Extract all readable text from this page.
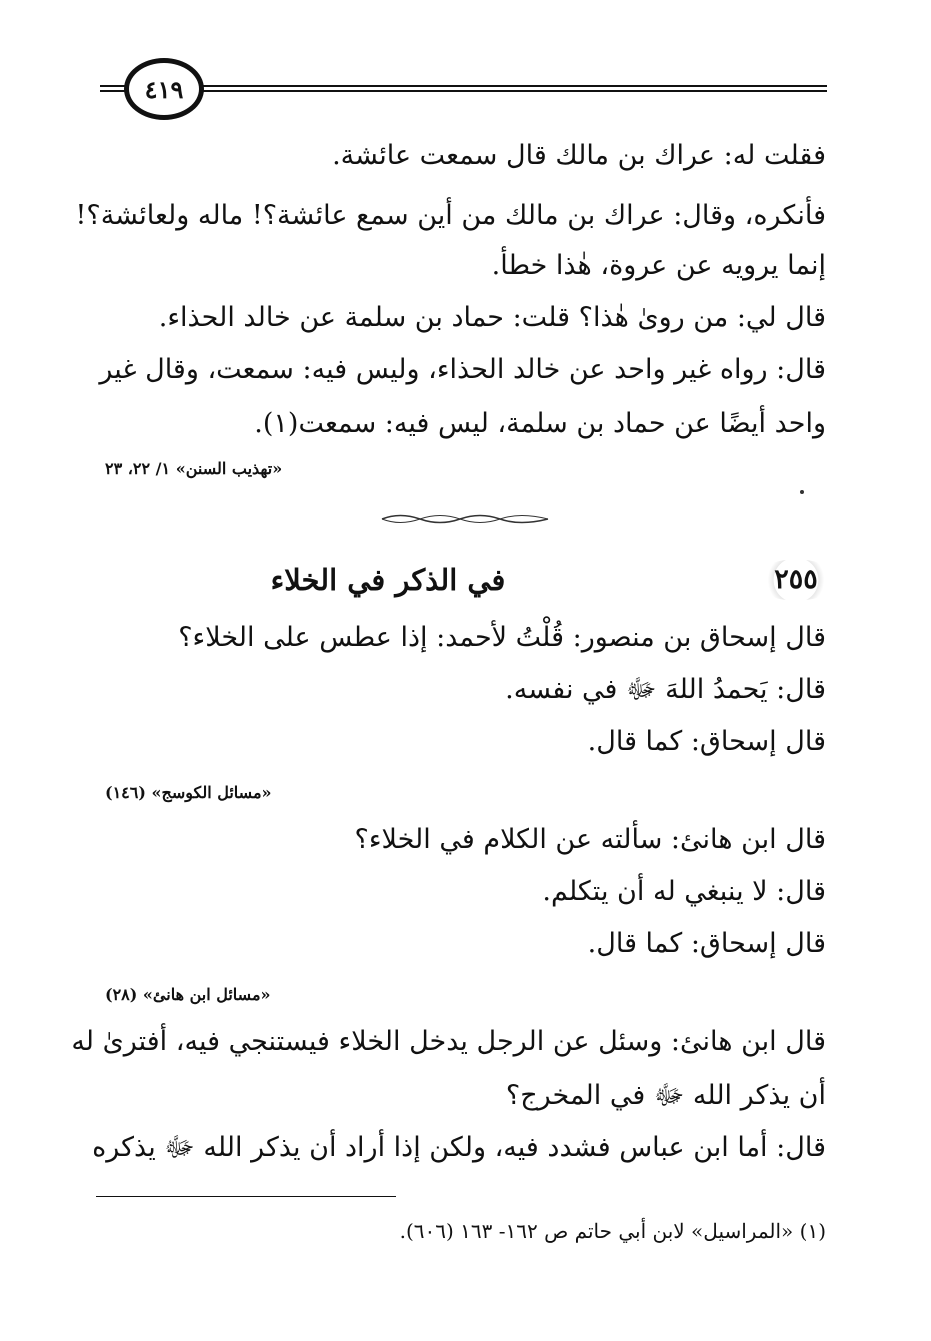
٤١٩
فقلت له: عراك بن مالك قال سمعت عائشة.
فأنكره، وقال: عراك بن مالك من أين سمع عائشة؟! ماله ولعائشة؟!
إنما يرويه عن عروة، هٰذا خطأ.
قال لي: من روىٰ هٰذا؟ قلت: حماد بن سلمة عن خالد الحذاء.
قال: رواه غير واحد عن خالد الحذاء، وليس فيه: سمعت، وقال غير
واحد أيضًا عن حماد بن سلمة، ليس فيه: سمعت(١).
«تهذيب السنن» ١/ ٢٢، ٢٣
٢٥٥
في الذكر في الخلاء
قال إسحاق بن منصور: قُلْتُ لأحمد: إذا عطس على الخلاء؟
قال: يَحمدُ اللهَ ﷻ في نفسه.
قال إسحاق: كما قال.
«مسائل الكوسج» (١٤٦)
قال ابن هانئ: سألته عن الكلام في الخلاء؟
قال: لا ينبغي له أن يتكلم.
قال إسحاق: كما قال.
«مسائل ابن هانئ» (٢٨)
قال ابن هانئ: وسئل عن الرجل يدخل الخلاء فيستنجي فيه، أفترىٰ له
أن يذكر الله ﷻ في المخرج؟
قال: أما ابن عباس فشدد فيه، ولكن إذا أراد أن يذكر الله ﷻ يذكره
(١) «المراسيل» لابن أبي حاتم ص ١٦٢- ١٦٣ (٦٠٦).
